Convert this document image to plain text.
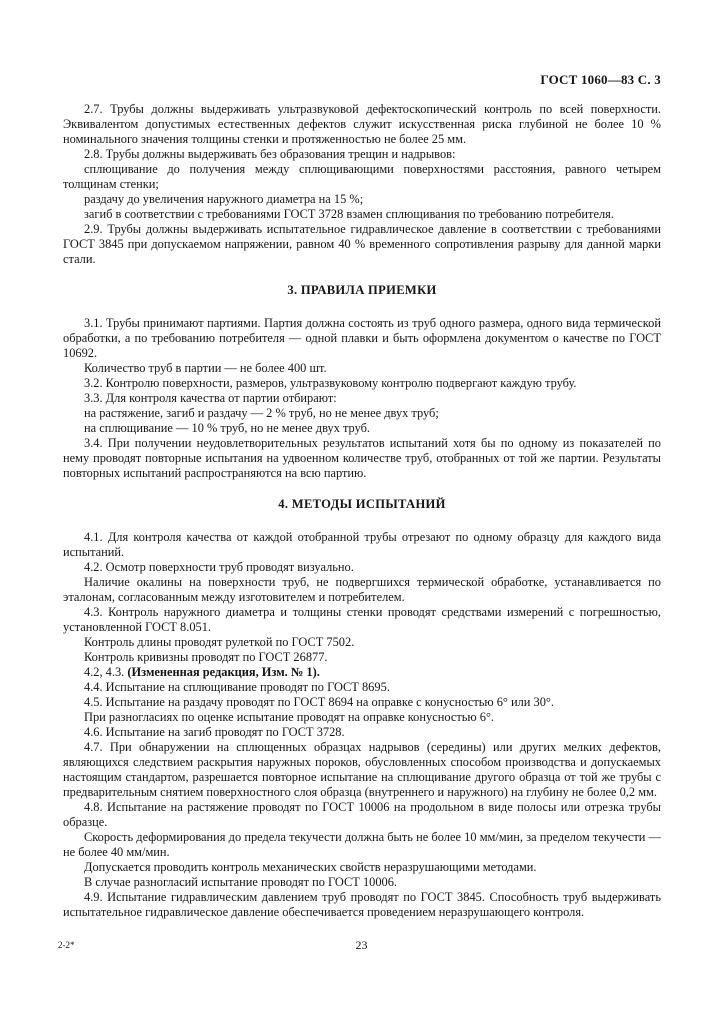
ГОСТ 1060—83 С. 3

2.7. Трубы должны выдерживать ультразвуковой дефектоскопический контроль по всей поверхности. Эквивалентом допустимых естественных дефектов служит искусственная риска глубиной не более 10 % номинального значения толщины стенки и протяженностью не более 25 мм.

2.8. Трубы должны выдерживать без образования трещин и надрывов:

сплющивание до получения между сплющивающими поверхностями расстояния, равного четырем толщинам стенки;

раздачу до увеличения наружного диаметра на 15 %;

загиб в соответствии с требованиями ГОСТ 3728 взамен сплющивания по требованию потребителя.

2.9. Трубы должны выдерживать испытательное гидравлическое давление в соответствии с требованиями ГОСТ 3845 при допускаемом напряжении, равном 40 % временного сопротивления разрыву для данной марки стали.

3. ПРАВИЛА ПРИЕМКИ

3.1. Трубы принимают партиями. Партия должна состоять из труб одного размера, одного вида термической обработки, а по требованию потребителя — одной плавки и быть оформлена документом о качестве по ГОСТ 10692.

Количество труб в партии — не более 400 шт.

3.2. Контролю поверхности, размеров, ультразвуковому контролю подвергают каждую трубу.

3.3. Для контроля качества от партии отбирают:

на растяжение, загиб и раздачу — 2 % труб, но не менее двух труб;

на сплющивание — 10 % труб, но не менее двух труб.

3.4. При получении неудовлетворительных результатов испытаний хотя бы по одному из показателей по нему проводят повторные испытания на удвоенном количестве труб, отобранных от той же партии. Результаты повторных испытаний распространяются на всю партию.

4. МЕТОДЫ ИСПЫТАНИЙ

4.1. Для контроля качества от каждой отобранной трубы отрезают по одному образцу для каждого вида испытаний.

4.2. Осмотр поверхности труб проводят визуально.

Наличие окалины на поверхности труб, не подвергшихся термической обработке, устанавливается по эталонам, согласованным между изготовителем и потребителем.

4.3. Контроль наружного диаметра и толщины стенки проводят средствами измерений с погрешностью, установленной ГОСТ 8.051.

Контроль длины проводят рулеткой по ГОСТ 7502.

Контроль кривизны проводят по ГОСТ 26877.

4.2, 4.3. (Измененная редакция, Изм. № 1).

4.4. Испытание на сплющивание проводят по ГОСТ 8695.

4.5. Испытание на раздачу проводят по ГОСТ 8694 на оправке с конусностью 6° или 30°.

При разногласиях по оценке испытание проводят на оправке конусностью 6°.

4.6. Испытание на загиб проводят по ГОСТ 3728.

4.7. При обнаружении на сплющенных образцах надрывов (середины) или других мелких дефектов, являющихся следствием раскрытия наружных пороков, обусловленных способом производства и допускаемых настоящим стандартом, разрешается повторное испытание на сплющивание другого образца от той же трубы с предварительным снятием поверхностного слоя образца (внутреннего и наружного) на глубину не более 0,2 мм.

4.8. Испытание на растяжение проводят по ГОСТ 10006 на продольном в виде полосы или отрезка трубы образце.

Скорость деформирования до предела текучести должна быть не более 10 мм/мин, за пределом текучести — не более 40 мм/мин.

Допускается проводить контроль механических свойств неразрушающими методами.

В случае разногласий испытание проводят по ГОСТ 10006.

4.9. Испытание гидравлическим давлением труб проводят по ГОСТ 3845. Способность труб выдерживать испытательное гидравлическое давление обеспечивается проведением неразрушающего контроля.

2-2*	23
